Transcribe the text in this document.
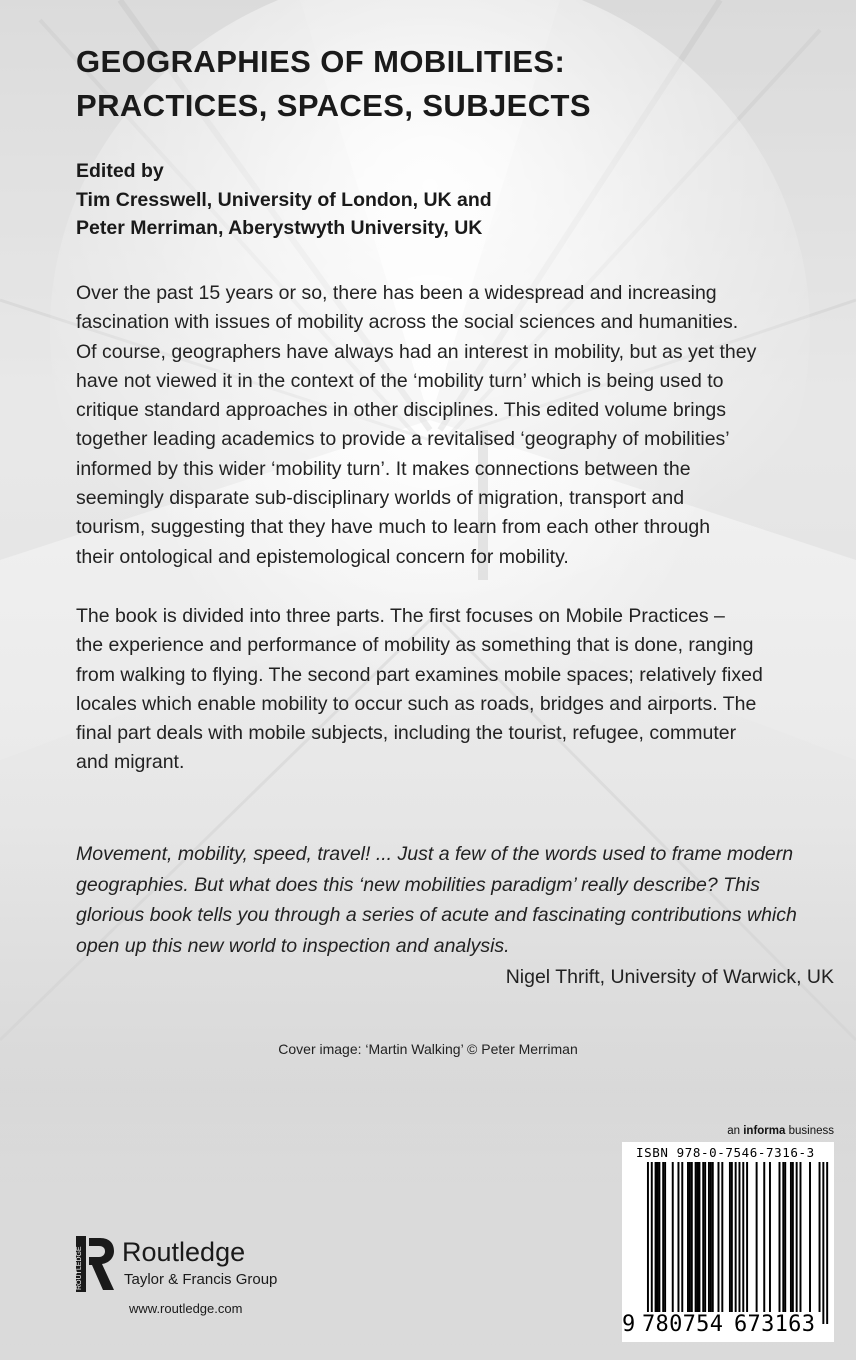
GEOGRAPHIES OF MOBILITIES:
PRACTICES, SPACES, SUBJECTS
Edited by
Tim Cresswell, University of London, UK and
Peter Merriman, Aberystwyth University, UK
Over the past 15 years or so, there has been a widespread and increasing
fascination with issues of mobility across the social sciences and humanities.
Of course, geographers have always had an interest in mobility, but as yet they
have not viewed it in the context of the ‘mobility turn’ which is being used to
critique standard approaches in other disciplines. This edited volume brings
together leading academics to provide a revitalised ‘geography of mobilities’
informed by this wider ‘mobility turn’. It makes connections between the
seemingly disparate sub-disciplinary worlds of migration, transport and
tourism, suggesting that they have much to learn from each other through
their ontological and epistemological concern for mobility.
The book is divided into three parts. The first focuses on Mobile Practices –
the experience and performance of mobility as something that is done, ranging
from walking to flying. The second part examines mobile spaces; relatively fixed
locales which enable mobility to occur such as roads, bridges and airports. The
final part deals with mobile subjects, including the tourist, refugee, commuter
and migrant.
Movement, mobility, speed, travel! ... Just a few of the words used to frame modern
geographies. But what does this ‘new mobilities paradigm’ really describe? This
glorious book tells you through a series of acute and fascinating contributions which
open up this new world to inspection and analysis.

Nigel Thrift, University of Warwick, UK

Cover image: ‘Martin Walking’ © Peter Merriman

an informa business

ISBN 978-0-7546-7316-3

9 780754 673163

ROUTLEDGE Routledge

Taylor & Francis Group

www.routledge.com
